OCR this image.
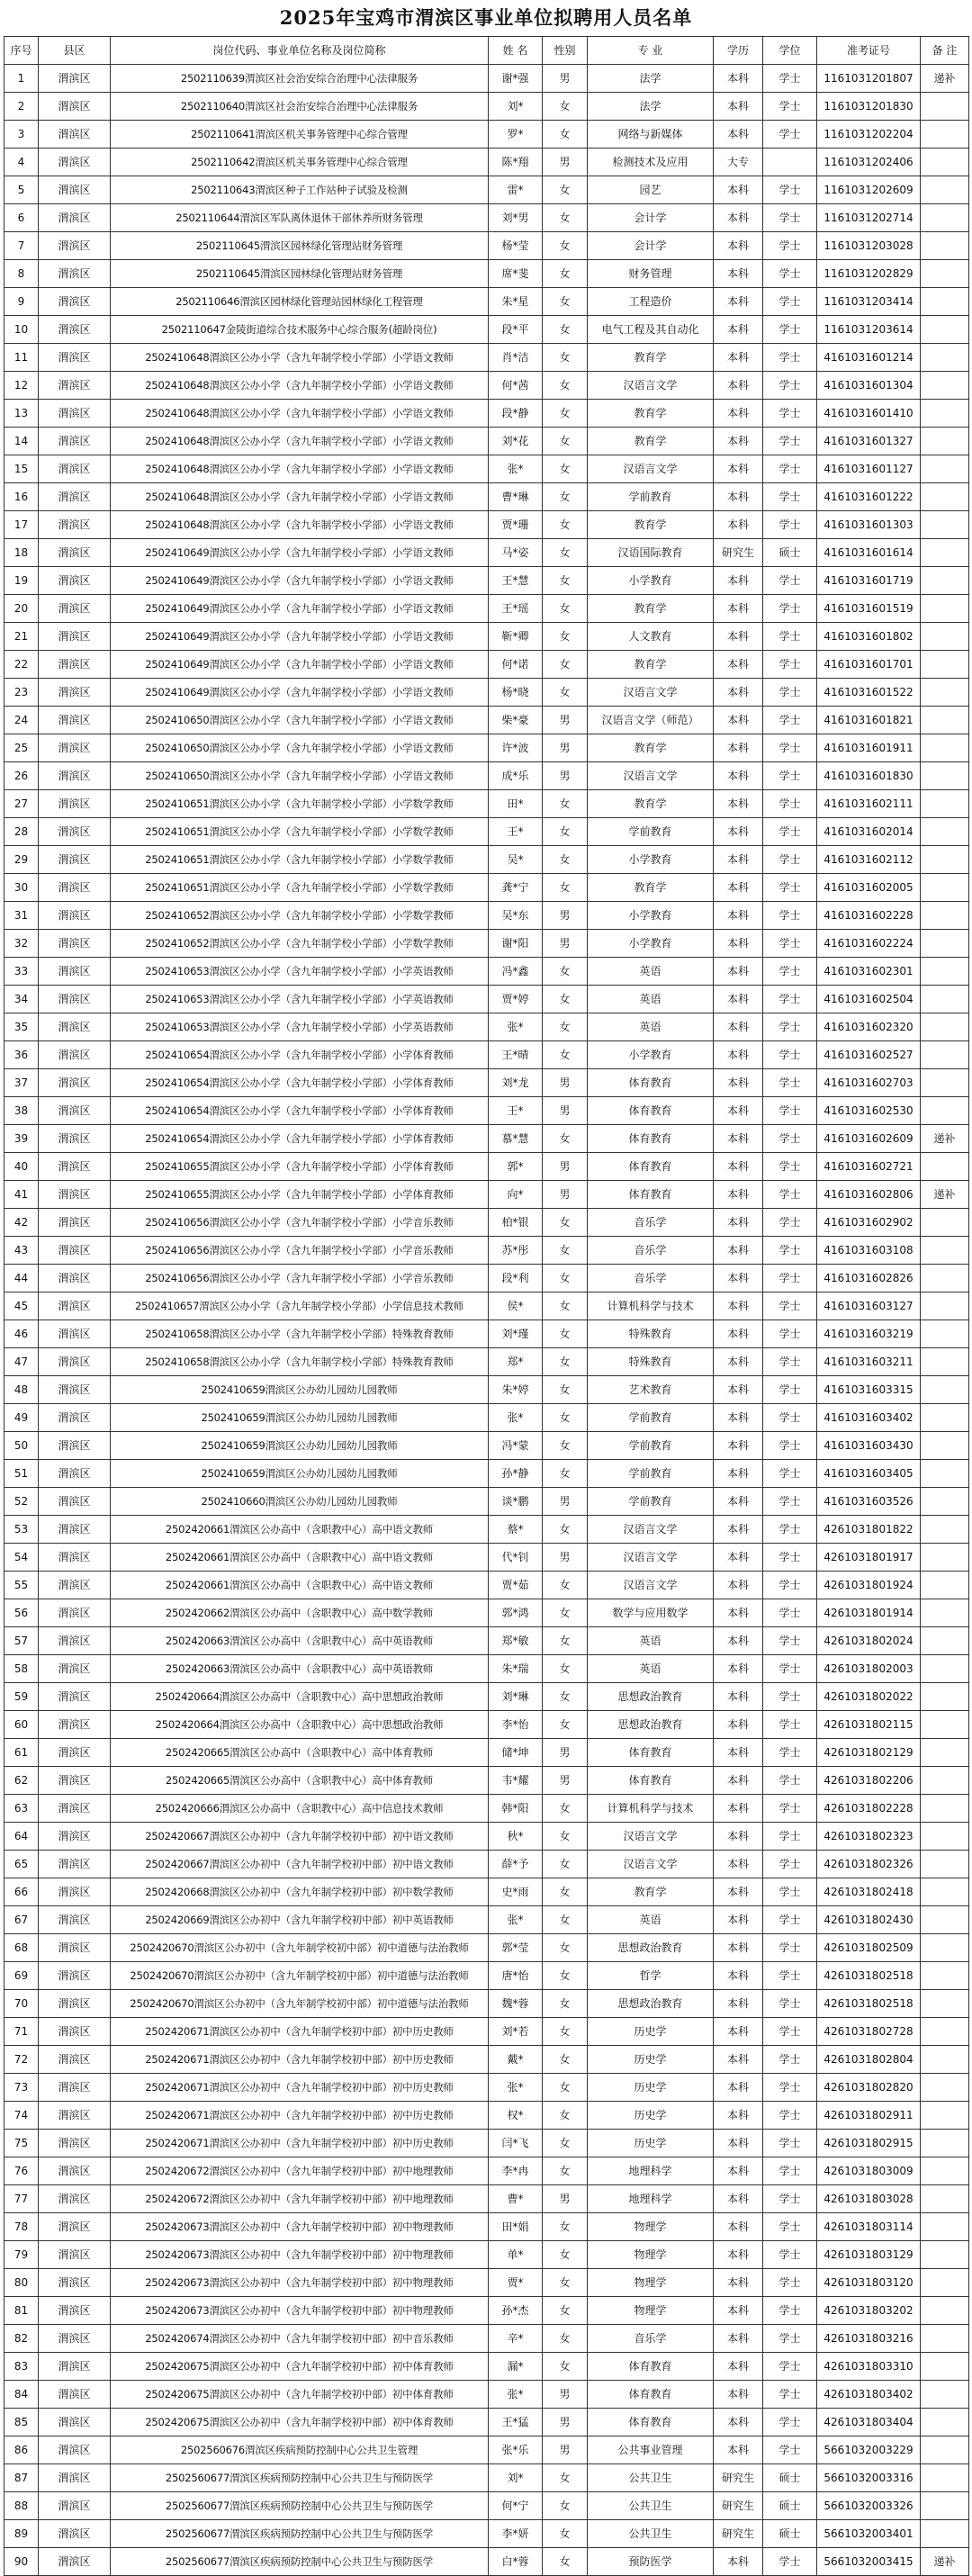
2025年宝鸡市渭滨区事业单位拟聘用人员名单
序号	县区	岗位代码、事业单位名称及岗位简称	姓 名	性别	专 业	学历	学位	准考证号	备 注
1	渭滨区	2502110639渭滨区社会治安综合治理中心法律服务	谢*强	男	法学	本科	学士	1161031201807	递补
2	渭滨区	2502110640渭滨区社会治安综合治理中心法律服务	刘*	女	法学	本科	学士	1161031201830	
3	渭滨区	2502110641渭滨区机关事务管理中心综合管理	罗*	女	网络与新媒体	本科	学士	1161031202204	
4	渭滨区	2502110642渭滨区机关事务管理中心综合管理	陈*翔	男	检测技术及应用	大专		1161031202406	
5	渭滨区	2502110643渭滨区种子工作站种子试验及检测	雷*	女	园艺	本科	学士	1161031202609	
6	渭滨区	2502110644渭滨区军队离休退休干部休养所财务管理	刘*男	女	会计学	本科	学士	1161031202714	
7	渭滨区	2502110645渭滨区园林绿化管理站财务管理	杨*莹	女	会计学	本科	学士	1161031203028	
8	渭滨区	2502110645渭滨区园林绿化管理站财务管理	席*斐	女	财务管理	本科	学士	1161031202829	
9	渭滨区	2502110646渭滨区园林绿化管理站园林绿化工程管理	朱*星	女	工程造价	本科	学士	1161031203414	
10	渭滨区	2502110647金陵街道综合技术服务中心综合服务(超龄岗位)	段*平	女	电气工程及其自动化	本科	学士	1161031203614	
11	渭滨区	2502410648渭滨区公办小学（含九年制学校小学部）小学语文教师	肖*洁	女	教育学	本科	学士	4161031601214	
12	渭滨区	2502410648渭滨区公办小学（含九年制学校小学部）小学语文教师	何*茜	女	汉语言文学	本科	学士	4161031601304	
13	渭滨区	2502410648渭滨区公办小学（含九年制学校小学部）小学语文教师	段*静	女	教育学	本科	学士	4161031601410	
14	渭滨区	2502410648渭滨区公办小学（含九年制学校小学部）小学语文教师	刘*花	女	教育学	本科	学士	4161031601327	
15	渭滨区	2502410648渭滨区公办小学（含九年制学校小学部）小学语文教师	张*	女	汉语言文学	本科	学士	4161031601127	
16	渭滨区	2502410648渭滨区公办小学（含九年制学校小学部）小学语文教师	曹*琳	女	学前教育	本科	学士	4161031601222	
17	渭滨区	2502410648渭滨区公办小学（含九年制学校小学部）小学语文教师	贾*珊	女	教育学	本科	学士	4161031601303	
18	渭滨区	2502410649渭滨区公办小学（含九年制学校小学部）小学语文教师	马*姿	女	汉语国际教育	研究生	硕士	4161031601614	
19	渭滨区	2502410649渭滨区公办小学（含九年制学校小学部）小学语文教师	王*慧	女	小学教育	本科	学士	4161031601719	
20	渭滨区	2502410649渭滨区公办小学（含九年制学校小学部）小学语文教师	王*瑶	女	教育学	本科	学士	4161031601519	
21	渭滨区	2502410649渭滨区公办小学（含九年制学校小学部）小学语文教师	靳*卿	女	人文教育	本科	学士	4161031601802	
22	渭滨区	2502410649渭滨区公办小学（含九年制学校小学部）小学语文教师	何*诺	女	教育学	本科	学士	4161031601701	
23	渭滨区	2502410649渭滨区公办小学（含九年制学校小学部）小学语文教师	杨*晓	女	汉语言文学	本科	学士	4161031601522	
24	渭滨区	2502410650渭滨区公办小学（含九年制学校小学部）小学语文教师	柴*豪	男	汉语言文学（师范）	本科	学士	4161031601821	
25	渭滨区	2502410650渭滨区公办小学（含九年制学校小学部）小学语文教师	许*波	男	教育学	本科	学士	4161031601911	
26	渭滨区	2502410650渭滨区公办小学（含九年制学校小学部）小学语文教师	成*乐	男	汉语言文学	本科	学士	4161031601830	
27	渭滨区	2502410651渭滨区公办小学（含九年制学校小学部）小学数学教师	田*	女	教育学	本科	学士	4161031602111	
28	渭滨区	2502410651渭滨区公办小学（含九年制学校小学部）小学数学教师	王*	女	学前教育	本科	学士	4161031602014	
29	渭滨区	2502410651渭滨区公办小学（含九年制学校小学部）小学数学教师	吴*	女	小学教育	本科	学士	4161031602112	
30	渭滨区	2502410651渭滨区公办小学（含九年制学校小学部）小学数学教师	龚*宁	女	教育学	本科	学士	4161031602005	
31	渭滨区	2502410652渭滨区公办小学（含九年制学校小学部）小学数学教师	吴*东	男	小学教育	本科	学士	4161031602228	
32	渭滨区	2502410652渭滨区公办小学（含九年制学校小学部）小学数学教师	谢*阳	男	小学教育	本科	学士	4161031602224	
33	渭滨区	2502410653渭滨区公办小学（含九年制学校小学部）小学英语教师	冯*鑫	女	英语	本科	学士	4161031602301	
34	渭滨区	2502410653渭滨区公办小学（含九年制学校小学部）小学英语教师	贾*婷	女	英语	本科	学士	4161031602504	
35	渭滨区	2502410653渭滨区公办小学（含九年制学校小学部）小学英语教师	张*	女	英语	本科	学士	4161031602320	
36	渭滨区	2502410654渭滨区公办小学（含九年制学校小学部）小学体育教师	王*晴	女	小学教育	本科	学士	4161031602527	
37	渭滨区	2502410654渭滨区公办小学（含九年制学校小学部）小学体育教师	刘*龙	男	体育教育	本科	学士	4161031602703	
38	渭滨区	2502410654渭滨区公办小学（含九年制学校小学部）小学体育教师	王*	男	体育教育	本科	学士	4161031602530	
39	渭滨区	2502410654渭滨区公办小学（含九年制学校小学部）小学体育教师	慕*慧	女	体育教育	本科	学士	4161031602609	递补
40	渭滨区	2502410655渭滨区公办小学（含九年制学校小学部）小学体育教师	郭*	男	体育教育	本科	学士	4161031602721	
41	渭滨区	2502410655渭滨区公办小学（含九年制学校小学部）小学体育教师	向*	男	体育教育	本科	学士	4161031602806	递补
42	渭滨区	2502410656渭滨区公办小学（含九年制学校小学部）小学音乐教师	柏*银	女	音乐学	本科	学士	4161031602902	
43	渭滨区	2502410656渭滨区公办小学（含九年制学校小学部）小学音乐教师	苏*彤	女	音乐学	本科	学士	4161031603108	
44	渭滨区	2502410656渭滨区公办小学（含九年制学校小学部）小学音乐教师	段*利	女	音乐学	本科	学士	4161031602826	
45	渭滨区	2502410657渭滨区公办小学（含九年制学校小学部）小学信息技术教师	侯*	女	计算机科学与技术	本科	学士	4161031603127	
46	渭滨区	2502410658渭滨区公办小学（含九年制学校小学部）特殊教育教师	刘*瑾	女	特殊教育	本科	学士	4161031603219	
47	渭滨区	2502410658渭滨区公办小学（含九年制学校小学部）特殊教育教师	郑*	女	特殊教育	本科	学士	4161031603211	
48	渭滨区	2502410659渭滨区公办幼儿园幼儿园教师	朱*婷	女	艺术教育	本科	学士	4161031603315	
49	渭滨区	2502410659渭滨区公办幼儿园幼儿园教师	张*	女	学前教育	本科	学士	4161031603402	
50	渭滨区	2502410659渭滨区公办幼儿园幼儿园教师	冯*蒙	女	学前教育	本科	学士	4161031603430	
51	渭滨区	2502410659渭滨区公办幼儿园幼儿园教师	孙*静	女	学前教育	本科	学士	4161031603405	
52	渭滨区	2502410660渭滨区公办幼儿园幼儿园教师	谈*鹏	男	学前教育	本科	学士	4161031603526	
53	渭滨区	2502420661渭滨区公办高中（含职教中心）高中语文教师	蔡*	女	汉语言文学	本科	学士	4261031801822	
54	渭滨区	2502420661渭滨区公办高中（含职教中心）高中语文教师	代*钊	男	汉语言文学	本科	学士	4261031801917	
55	渭滨区	2502420661渭滨区公办高中（含职教中心）高中语文教师	贾*茹	女	汉语言文学	本科	学士	4261031801924	
56	渭滨区	2502420662渭滨区公办高中（含职教中心）高中数学教师	郭*鸿	女	数学与应用数学	本科	学士	4261031801914	
57	渭滨区	2502420663渭滨区公办高中（含职教中心）高中英语教师	郑*敏	女	英语	本科	学士	4261031802024	
58	渭滨区	2502420663渭滨区公办高中（含职教中心）高中英语教师	朱*瑞	女	英语	本科	学士	4261031802003	
59	渭滨区	2502420664渭滨区公办高中（含职教中心）高中思想政治教师	刘*琳	女	思想政治教育	本科	学士	4261031802022	
60	渭滨区	2502420664渭滨区公办高中（含职教中心）高中思想政治教师	李*怡	女	思想政治教育	本科	学士	4261031802115	
61	渭滨区	2502420665渭滨区公办高中（含职教中心）高中体育教师	储*坤	男	体育教育	本科	学士	4261031802129	
62	渭滨区	2502420665渭滨区公办高中（含职教中心）高中体育教师	韦*耀	男	体育教育	本科	学士	4261031802206	
63	渭滨区	2502420666渭滨区公办高中（含职教中心）高中信息技术教师	韩*阳	女	计算机科学与技术	本科	学士	4261031802228	
64	渭滨区	2502420667渭滨区公办初中（含九年制学校初中部）初中语文教师	秋*	女	汉语言文学	本科	学士	4261031802323	
65	渭滨区	2502420667渭滨区公办初中（含九年制学校初中部）初中语文教师	薛*予	女	汉语言文学	本科	学士	4261031802326	
66	渭滨区	2502420668渭滨区公办初中（含九年制学校初中部）初中数学教师	史*雨	女	教育学	本科	学士	4261031802418	
67	渭滨区	2502420669渭滨区公办初中（含九年制学校初中部）初中英语教师	张*	女	英语	本科	学士	4261031802430	
68	渭滨区	2502420670渭滨区公办初中（含九年制学校初中部）初中道德与法治教师	郭*莹	女	思想政治教育	本科	学士	4261031802509	
69	渭滨区	2502420670渭滨区公办初中（含九年制学校初中部）初中道德与法治教师	唐*怡	女	哲学	本科	学士	4261031802518	
70	渭滨区	2502420670渭滨区公办初中（含九年制学校初中部）初中道德与法治教师	魏*蓉	女	思想政治教育	本科	学士	4261031802518	
71	渭滨区	2502420671渭滨区公办初中（含九年制学校初中部）初中历史教师	刘*若	女	历史学	本科	学士	4261031802728	
72	渭滨区	2502420671渭滨区公办初中（含九年制学校初中部）初中历史教师	戴*	女	历史学	本科	学士	4261031802804	
73	渭滨区	2502420671渭滨区公办初中（含九年制学校初中部）初中历史教师	张*	女	历史学	本科	学士	4261031802820	
74	渭滨区	2502420671渭滨区公办初中（含九年制学校初中部）初中历史教师	权*	女	历史学	本科	学士	4261031802911	
75	渭滨区	2502420671渭滨区公办初中（含九年制学校初中部）初中历史教师	闫*飞	女	历史学	本科	学士	4261031802915	
76	渭滨区	2502420672渭滨区公办初中（含九年制学校初中部）初中地理教师	李*冉	女	地理科学	本科	学士	4261031803009	
77	渭滨区	2502420672渭滨区公办初中（含九年制学校初中部）初中地理教师	曹*	男	地理科学	本科	学士	4261031803028	
78	渭滨区	2502420673渭滨区公办初中（含九年制学校初中部）初中物理教师	田*娟	女	物理学	本科	学士	4261031803114	
79	渭滨区	2502420673渭滨区公办初中（含九年制学校初中部）初中物理教师	单*	女	物理学	本科	学士	4261031803129	
80	渭滨区	2502420673渭滨区公办初中（含九年制学校初中部）初中物理教师	贾*	女	物理学	本科	学士	4261031803120	
81	渭滨区	2502420673渭滨区公办初中（含九年制学校初中部）初中物理教师	孙*杰	女	物理学	本科	学士	4261031803202	
82	渭滨区	2502420674渭滨区公办初中（含九年制学校初中部）初中音乐教师	辛*	女	音乐学	本科	学士	4261031803216	
83	渭滨区	2502420675渭滨区公办初中（含九年制学校初中部）初中体育教师	漏*	女	体育教育	本科	学士	4261031803310	
84	渭滨区	2502420675渭滨区公办初中（含九年制学校初中部）初中体育教师	张*	男	体育教育	本科	学士	4261031803402	
85	渭滨区	2502420675渭滨区公办初中（含九年制学校初中部）初中体育教师	王*猛	男	体育教育	本科	学士	4261031803404	
86	渭滨区	2502560676渭滨区疾病预防控制中心公共卫生管理	张*乐	男	公共事业管理	本科	学士	5661032003229	
87	渭滨区	2502560677渭滨区疾病预防控制中心公共卫生与预防医学	刘*	女	公共卫生	研究生	硕士	5661032003316	
88	渭滨区	2502560677渭滨区疾病预防控制中心公共卫生与预防医学	何*宁	女	公共卫生	研究生	硕士	5661032003326	
89	渭滨区	2502560677渭滨区疾病预防控制中心公共卫生与预防医学	李*妍	女	公共卫生	研究生	硕士	5661032003401	
90	渭滨区	2502560677渭滨区疾病预防控制中心公共卫生与预防医学	白*蓉	女	预防医学	本科	学士	5661032003415	递补
